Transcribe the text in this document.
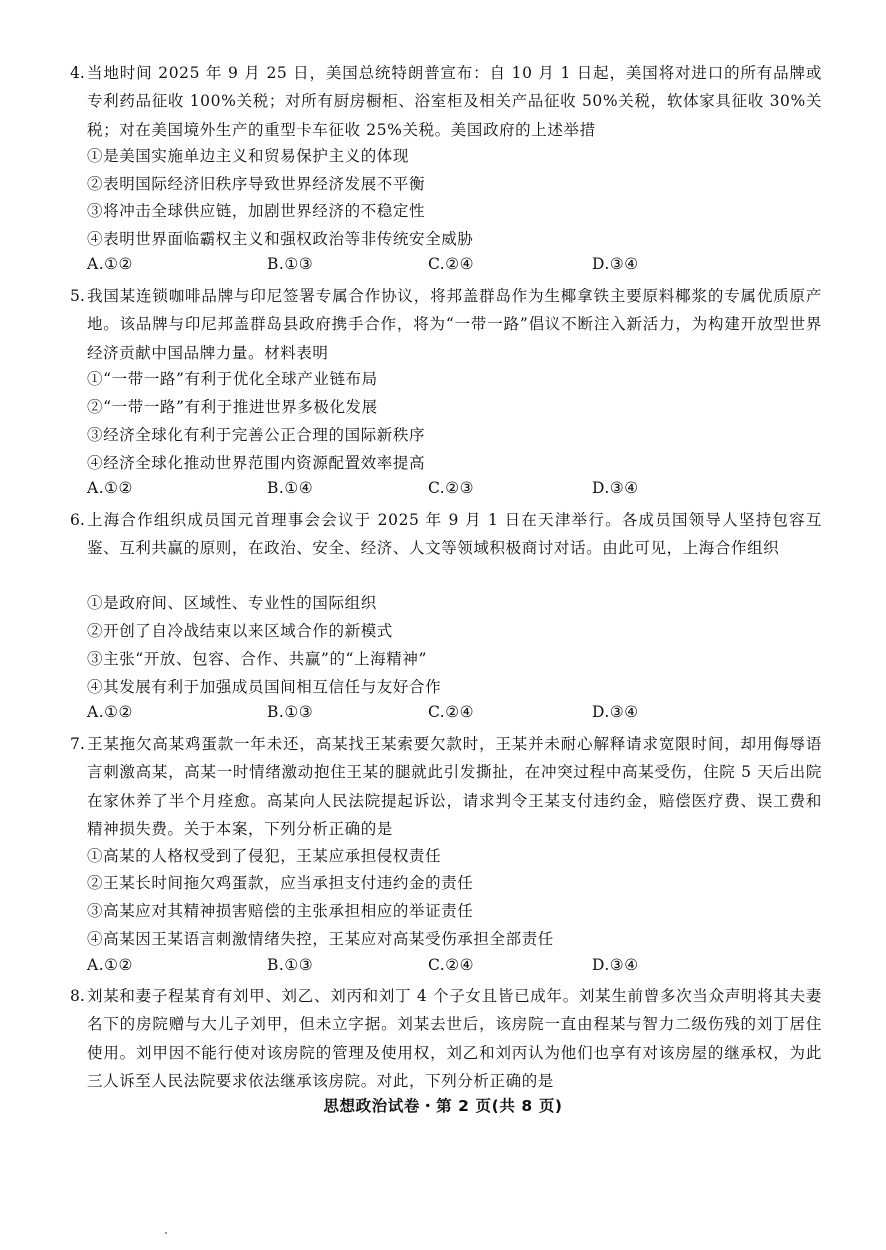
4. 当地时间 2025 年 9 月 25 日，美国总统特朗普宣布：自 10 月 1 日起，美国将对进口的所有品牌或专利药品征收 100%关税；对所有厨房橱柜、浴室柜及相关产品征收 50%关税，软体家具征收 30%关税；对在美国境外生产的重型卡车征收 25%关税。美国政府的上述举措

①是美国实施单边主义和贸易保护主义的体现
②表明国际经济旧秩序导致世界经济发展不平衡
③将冲击全球供应链，加剧世界经济的不稳定性
④表明世界面临霸权主义和强权政治等非传统安全威胁
A.①②	B.①③	C.②④	D.③④
5. 我国某连锁咖啡品牌与印尼签署专属合作协议，将邦盖群岛作为生椰拿铁主要原料椰浆的专属优质原产地。该品牌与印尼邦盖群岛县政府携手合作，将为“一带一路”倡议不断注入新活力，为构建开放型世界经济贡献中国品牌力量。材料表明

①“一带一路”有利于优化全球产业链布局
②“一带一路”有利于推进世界多极化发展
③经济全球化有利于完善公正合理的国际新秩序
④经济全球化推动世界范围内资源配置效率提高
A.①②	B.①④	C.②③	D.③④
6. 上海合作组织成员国元首理事会会议于 2025 年 9 月 1 日在天津举行。各成员国领导人坚持包容互鉴、互利共赢的原则，在政治、安全、经济、人文等领域积极商讨对话。由此可见，上海合作组织

①是政府间、区域性、专业性的国际组织
②开创了自冷战结束以来区域合作的新模式
③主张“开放、包容、合作、共赢”的“上海精神”
④其发展有利于加强成员国间相互信任与友好合作
A.①②	B.①③	C.②④	D.③④
7. 王某拖欠高某鸡蛋款一年未还，高某找王某索要欠款时，王某并未耐心解释请求宽限时间，却用侮辱语言刺激高某，高某一时情绪激动抱住王某的腿就此引发撕扯，在冲突过程中高某受伤，住院 5 天后出院在家休养了半个月痊愈。高某向人民法院提起诉讼，请求判令王某支付违约金，赔偿医疗费、误工费和精神损失费。关于本案，下列分析正确的是

①高某的人格权受到了侵犯，王某应承担侵权责任
②王某长时间拖欠鸡蛋款，应当承担支付违约金的责任
③高某应对其精神损害赔偿的主张承担相应的举证责任
④高某因王某语言刺激情绪失控，王某应对高某受伤承担全部责任
A.①②	B.①③	C.②④	D.③④
8. 刘某和妻子程某育有刘甲、刘乙、刘丙和刘丁 4 个子女且皆已成年。刘某生前曾多次当众声明将其夫妻名下的房院赠与大儿子刘甲，但未立字据。刘某去世后，该房院一直由程某与智力二级伤残的刘丁居住使用。刘甲因不能行使对该房院的管理及使用权，刘乙和刘丙认为他们也享有对该房屋的继承权，为此三人诉至人民法院要求依法继承该房院。对此，下列分析正确的是

思想政治试卷・第 2 页(共 8 页)
